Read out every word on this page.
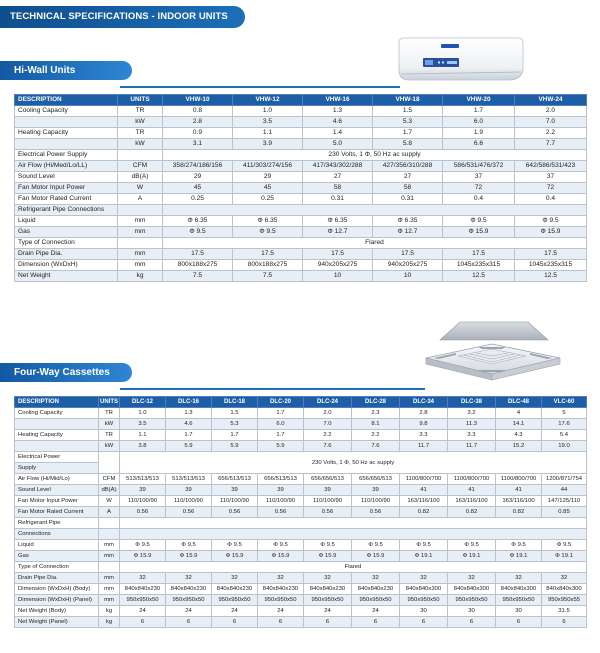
TECHNICAL SPECIFICATIONS - INDOOR UNITS
Hi-Wall Units
DESCRIPTION	UNITS	VHW-10	VHW-12	VHW-16	VHW-18	VHW-20	VHW-24
Cooling Capacity	TR	0.8	1.0	1.3	1.5	1.7	2.0
	kW	2.8	3.5	4.6	5.3	6.0	7.0
Heating Capacity	TR	0.9	1.1	1.4	1.7	1.9	2.2
	kW	3.1	3.9	5.0	5.8	6.6	7.7
Electrical Power Supply		230 Volts, 1 Φ, 50 Hz ac supply					
Air Flow (Hi/Med/Lo/LL)	CFM	358/274/186/156	411/303/274/156	417/343/302/288	427/356/310/288	586/531/476/372	642/586/531/423
Sound Level	dB(A)	29	29	27	27	37	37
Fan Motor Input Power	W	45	45	58	58	72	72
Fan Motor Rated Current	A	0.25	0.25	0.31	0.31	0.4	0.4
Refrigerant Pipe Connections							
Liquid	mm	Φ 6.35	Φ 6.35	Φ 6.35	Φ 6.35	Φ 9.5	Φ 9.5
Gas	mm	Φ 9.5	Φ 9.5	Φ 12.7	Φ 12.7	Φ 15.9	Φ 15.9
Type of Connection		Flared					
Drain Pipe Dia.	mm	17.5	17.5	17.5	17.5	17.5	17.5
Dimension (WxDxH)	mm	800x188x275	800x188x275	940x205x275	940x205x275	1045x235x315	1045x235x315
Net Weight	kg	7.5	7.5	10	10	12.5	12.5
Four-Way Cassettes
DESCRIPTION	UNITS	DLC-12	DLC-16	DLC-18	DLC-20	DLC-24	DLC-28	DLC-34	DLC-38	DLC-48	VLC-60
Cooling Capacity	TR	1.0	1.3	1.5	1.7	2.0	2.3	2.8	3.2	4	5
	kW	3.5	4.6	5.3	6.0	7.0	8.1	9.8	11.3	14.1	17.6
Heating Capacity	TR	1.1	1.7	1.7	1.7	2.2	2.2	3.3	3.3	4.3	5.4
	kW	3.8	5.9	5.9	5.9	7.6	7.6	11.7	11.7	15.2	19.0
Electrical Power		230 Volts, 1 Φ, 50 Hz ac supply									
Supply											
Air Flow (Hi/Mid/Lo)	CFM	513/513/513	513/513/513	656/513/513	656/513/513	656/656/513	656/656/513	1100/800/700	1100/800/700	1100/800/700	1200/871/754
Sound Level	dB(A)	39	39	39	39	39	39	41	41	41	44
Fan Motor Input Power	W	110/100/90	110/100/90	110/100/90	110/100/90	110/100/90	110/100/90	163/116/100	163/116/100	163/116/100	147/125/110
Fan Motor Rated Current	A	0.56	0.56	0.56	0.56	0.56	0.56	0.82	0.82	0.82	0.85
Refrigerant Pipe											
Connections											
Liquid	mm	Φ 9.5	Φ 9.5	Φ 9.5	Φ 9.5	Φ 9.5	Φ 9.5	Φ 9.5	Φ 9.5	Φ 9.5	Φ 9.5
Gas	mm	Φ 15.9	Φ 15.9	Φ 15.9	Φ 15.9	Φ 15.9	Φ 15.9	Φ 19.1	Φ 19.1	Φ 19.1	Φ 19.1
Type of Connection		Flared									
Drain Pipe Dia.	mm	32	32	32	32	32	32	32	32	32	32
Dimension (WxDxH) (Body)	mm	840x840x230	840x840x230	840x840x230	840x840x230	840x840x230	840x840x230	840x840x300	840x840x300	840x840x300	840x840x300
Dimension (WxDxH) (Panel)	mm	950x950x50	950x950x50	950x950x50	950x950x50	950x950x50	950x950x50	950x950x50	950x950x50	950x950x50	950x950x55
Net Weight (Body)	kg	24	24	24	24	24	24	30	30	30	31.5
Net Weight (Panel)	kg	6	6	6	6	6	6	6	6	6	6
